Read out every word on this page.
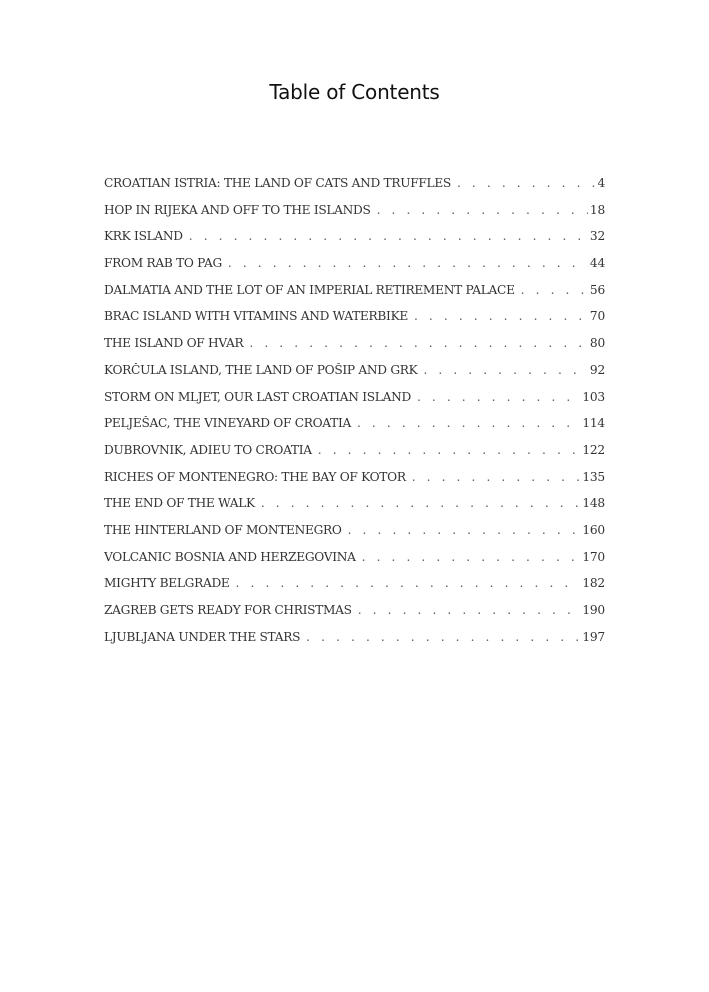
Table of Contents
CROATIAN ISTRIA: THE LAND OF CATS AND TRUFFLES . . .	4
HOP IN RIJEKA AND OFF TO THE ISLANDS . . .	18
KRK ISLAND . . .	32
FROM RAB TO PAG . . .	44
DALMATIA AND THE LOT OF AN IMPERIAL RETIREMENT PALACE . . .	56
BRAC ISLAND WITH VITAMINS AND WATERBIKE . . .	70
THE ISLAND OF HVAR . . .	80
KORČULA ISLAND, THE LAND OF POŠIP AND GRK . . .	92
STORM ON MLJET, OUR LAST CROATIAN ISLAND . . .	103
PELJEŠAC, THE VINEYARD OF CROATIA . . .	114
DUBROVNIK, ADIEU TO CROATIA . . .	122
RICHES OF MONTENEGRO: THE BAY OF KOTOR . . .	135
THE END OF THE WALK . . .	148
THE HINTERLAND OF MONTENEGRO . . .	160
VOLCANIC BOSNIA AND HERZEGOVINA . . .	170
MIGHTY BELGRADE . . .	182
ZAGREB GETS READY FOR CHRISTMAS . . .	190
LJUBLJANA UNDER THE STARS . . .	197
